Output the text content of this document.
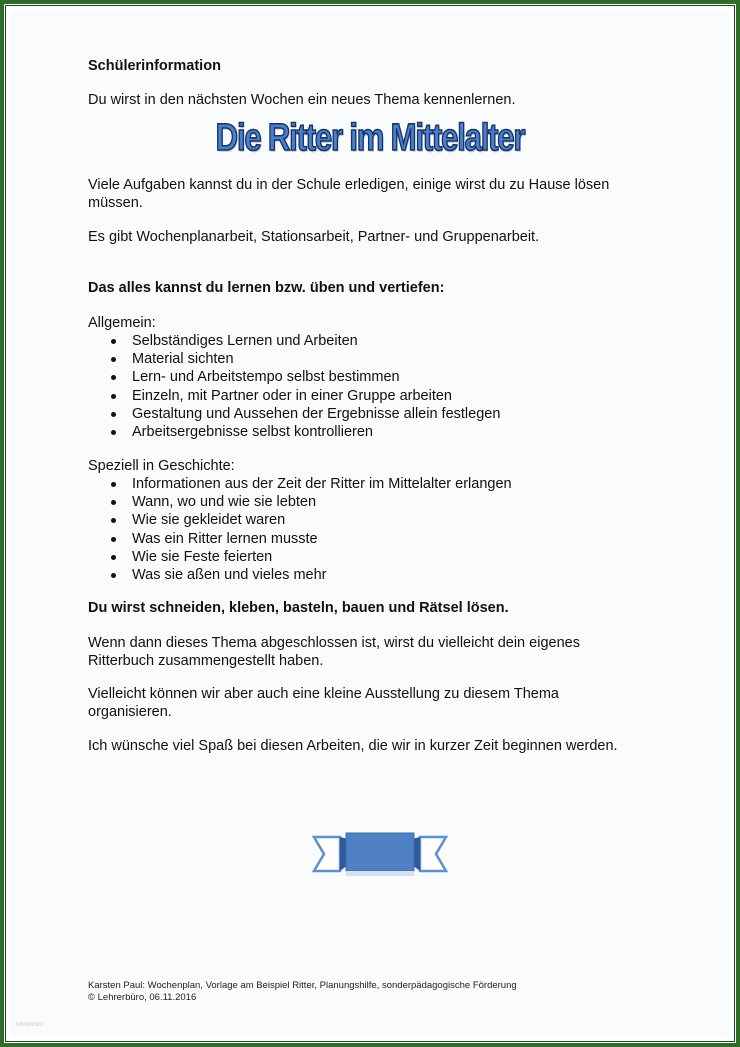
Schülerinformation
Du wirst in den nächsten Wochen ein neues Thema kennenlernen.
Die Ritter im Mittelalter
Viele Aufgaben kannst du in der Schule erledigen, einige wirst du zu Hause lösen
müssen.
Es gibt Wochenplanarbeit, Stationsarbeit, Partner- und Gruppenarbeit.
Das alles kannst du lernen bzw. üben und vertiefen:
Allgemein:
Selbständiges Lernen und Arbeiten
Material sichten
Lern- und Arbeitstempo selbst bestimmen
Einzeln, mit Partner oder in einer Gruppe arbeiten
Gestaltung und Aussehen der Ergebnisse allein festlegen
Arbeitsergebnisse selbst kontrollieren
Speziell in Geschichte:
Informationen aus der Zeit der Ritter im Mittelalter erlangen
Wann, wo und wie sie lebten
Wie sie gekleidet waren
Was ein Ritter lernen musste
Wie sie Feste feierten
Was sie aßen und vieles mehr
Du wirst schneiden, kleben, basteln, bauen und Rätsel lösen.
Wenn dann dieses Thema abgeschlossen ist, wirst du vielleicht dein eigenes
Ritterbuch zusammengestellt haben.
Vielleicht können wir aber auch eine kleine Ausstellung zu diesem Thema
organisieren.
Ich wünsche viel Spaß bei diesen Arbeiten, die wir in kurzer Zeit beginnen werden.
Karsten Paul: Wochenplan, Vorlage am Beispiel Ritter, Planungshilfe, sonderpädagogische Förderung
© Lehrerbüro, 06.11.2016
lehrerbüro
